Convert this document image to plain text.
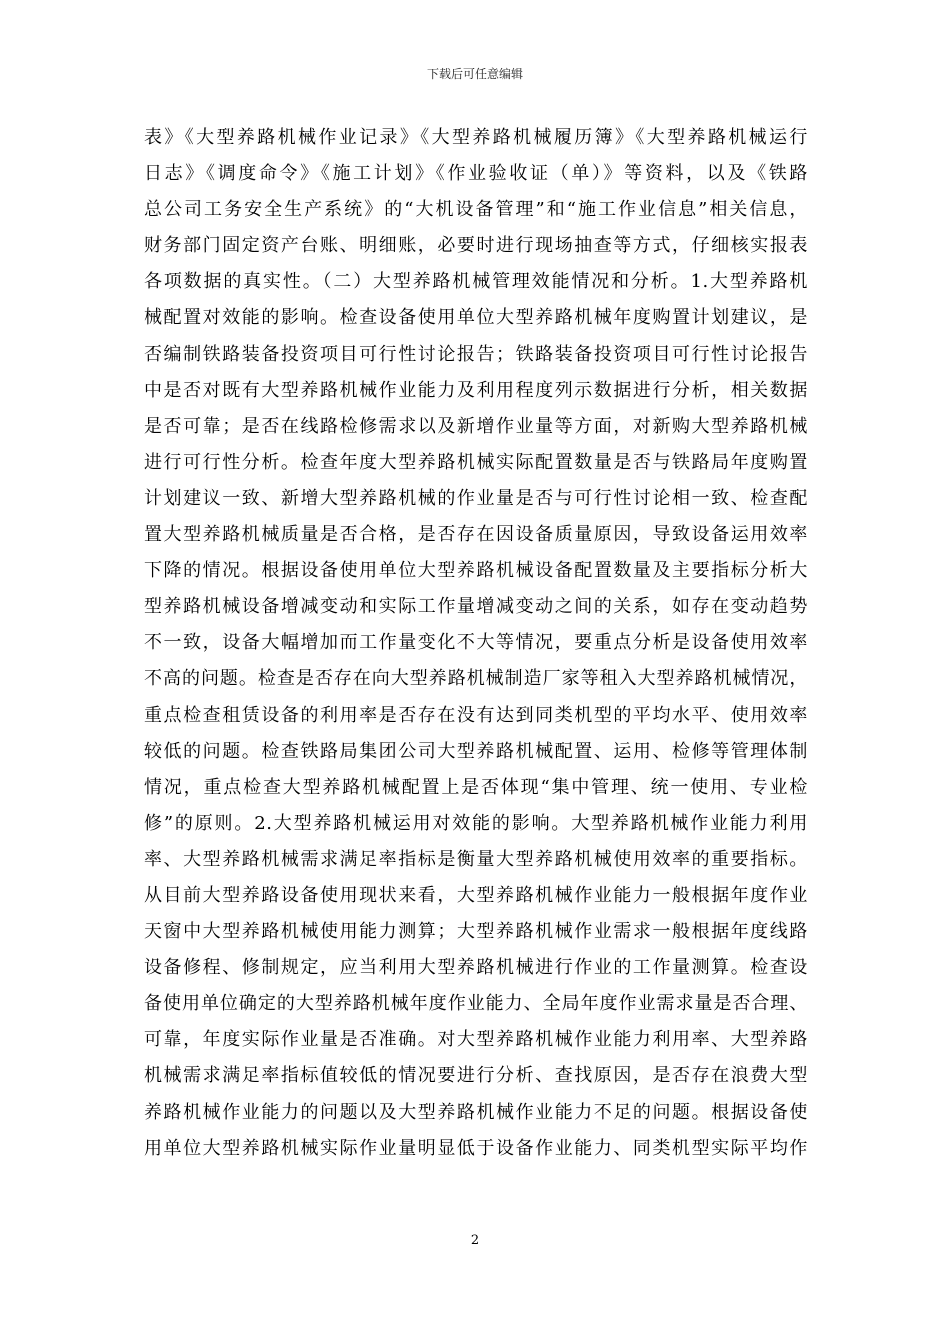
下载后可任意编辑
表》《大型养路机械作业记录》《大型养路机械履历簿》《大型养路机械运行
日志》《调度命令》《施工计划》《作业验收证（单）》等资料，以及《铁路
总公司工务安全生产系统》的“大机设备管理”和“施工作业信息”相关信息，
财务部门固定资产台账、明细账，必要时进行现场抽查等方式，仔细核实报表
各项数据的真实性。（二）大型养路机械管理效能情况和分析。1.大型养路机
械配置对效能的影响。检查设备使用单位大型养路机械年度购置计划建议，是
否编制铁路装备投资项目可行性讨论报告；铁路装备投资项目可行性讨论报告
中是否对既有大型养路机械作业能力及利用程度列示数据进行分析，相关数据
是否可靠；是否在线路检修需求以及新增作业量等方面，对新购大型养路机械
进行可行性分析。检查年度大型养路机械实际配置数量是否与铁路局年度购置
计划建议一致、新增大型养路机械的作业量是否与可行性讨论相一致、检查配
置大型养路机械质量是否合格，是否存在因设备质量原因，导致设备运用效率
下降的情况。根据设备使用单位大型养路机械设备配置数量及主要指标分析大
型养路机械设备增减变动和实际工作量增减变动之间的关系，如存在变动趋势
不一致，设备大幅增加而工作量变化不大等情况，要重点分析是设备使用效率
不高的问题。检查是否存在向大型养路机械制造厂家等租入大型养路机械情况，
重点检查租赁设备的利用率是否存在没有达到同类机型的平均水平、使用效率
较低的问题。检查铁路局集团公司大型养路机械配置、运用、检修等管理体制
情况，重点检查大型养路机械配置上是否体现“集中管理、统一使用、专业检
修”的原则。2.大型养路机械运用对效能的影响。大型养路机械作业能力利用
率、大型养路机械需求满足率指标是衡量大型养路机械使用效率的重要指标。
从目前大型养路设备使用现状来看，大型养路机械作业能力一般根据年度作业
天窗中大型养路机械使用能力测算；大型养路机械作业需求一般根据年度线路
设备修程、修制规定，应当利用大型养路机械进行作业的工作量测算。检查设
备使用单位确定的大型养路机械年度作业能力、全局年度作业需求量是否合理、
可靠，年度实际作业量是否准确。对大型养路机械作业能力利用率、大型养路
机械需求满足率指标值较低的情况要进行分析、查找原因，是否存在浪费大型
养路机械作业能力的问题以及大型养路机械作业能力不足的问题。根据设备使
用单位大型养路机械实际作业量明显低于设备作业能力、同类机型实际平均作
2
